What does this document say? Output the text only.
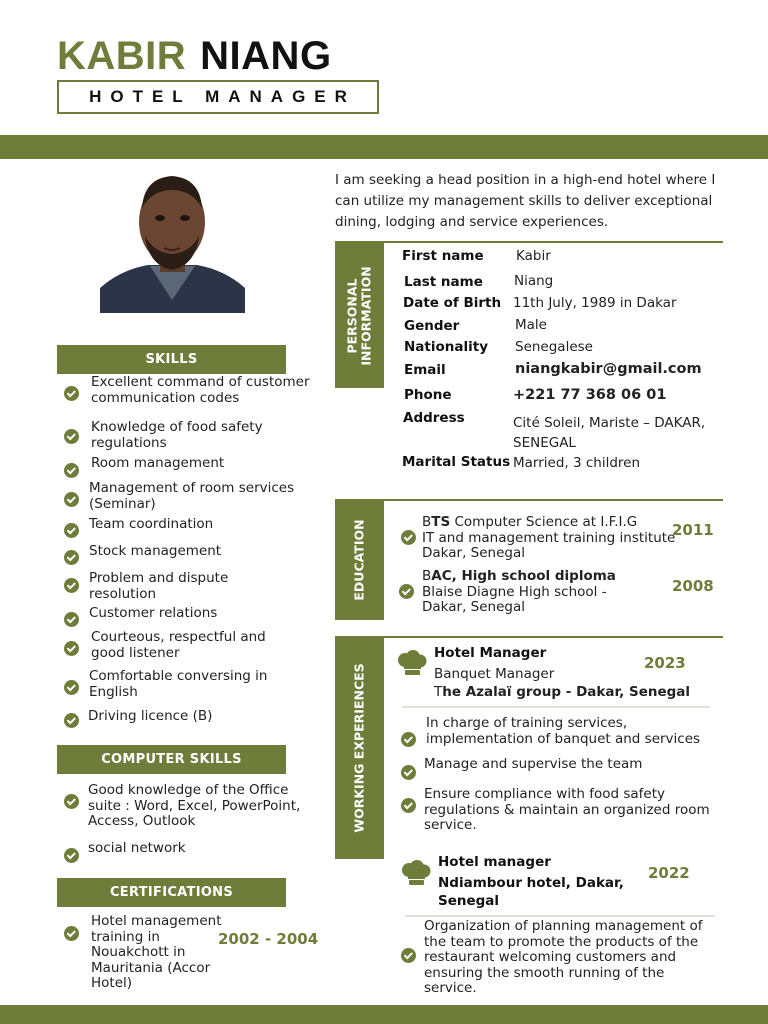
KABIR NIANG
HOTEL MANAGER
SKILLS
Excellent command of customer communication codes
Knowledge of food safety regulations
Room management
Management of room services (Seminar)
Team coordination
Stock management
Problem and dispute resolution
Customer relations
Courteous, respectful and good listener
Comfortable conversing in English
Driving licence (B)
COMPUTER SKILLS
Good knowledge of the Office suite : Word, Excel, PowerPoint, Access, Outlook
social network
CERTIFICATIONS
Hotel management training in Nouakchott in Mauritania (Accor Hotel)
2002 - 2004
I am seeking a head position in a high-end hotel where I can utilize my management skills to deliver exceptional dining, lodging and service experiences.
PERSONAL
INFORMATION
First name Kabir
Last name Niang
Date of Birth 11th July, 1989 in Dakar
Gender	Male
Nationality Senegalese
Email	niangkabir@gmail.com
Phone	+221 77 368 06 01
Address	Cité Soleil, Mariste – DAKAR, SENEGAL
Marital Status Married, 3 children
EDUCATION	BTS Computer Science at I.F.I.G
IT and management training institute
Dakar, Senegal
2011
BAC, High school diploma
Blaise Diagne High school -
Dakar, Senegal
2008
WORKING EXPERIENCES
Hotel Manager
Banquet Manager
The Azalaï group - Dakar, Senegal
2023
In charge of training services, implementation of banquet and services
Manage and supervise the team
Ensure compliance with food safety regulations & maintain an organized room service.
Hotel manager
Ndiambour hotel, Dakar,
Senegal
2022
Organization of planning management of the team to promote the products of the restaurant welcoming customers and ensuring the smooth running of the service.
